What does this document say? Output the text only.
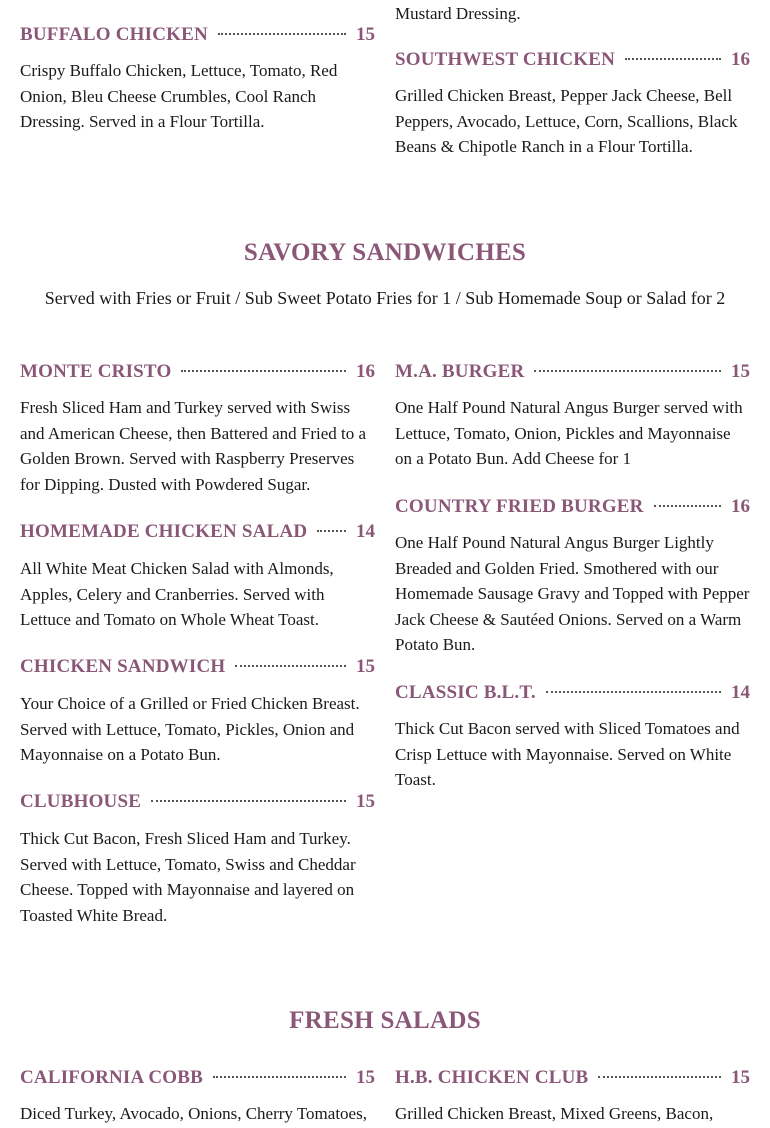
Mustard Dressing.
BUFFALO CHICKEN	15
Crispy Buffalo Chicken, Lettuce, Tomato, Red Onion, Bleu Cheese Crumbles, Cool Ranch Dressing. Served in a Flour Tortilla.
SOUTHWEST CHICKEN	16
Grilled Chicken Breast, Pepper Jack Cheese, Bell Peppers, Avocado, Lettuce, Corn, Scallions, Black Beans & Chipotle Ranch in a Flour Tortilla.
SAVORY SANDWICHES
Served with Fries or Fruit / Sub Sweet Potato Fries for 1 / Sub Homemade Soup or Salad for 2
MONTE CRISTO	16
Fresh Sliced Ham and Turkey served with Swiss and American Cheese, then Battered and Fried to a Golden Brown. Served with Raspberry Preserves for Dipping. Dusted with Powdered Sugar.
HOMEMADE CHICKEN SALAD	14
All White Meat Chicken Salad with Almonds, Apples, Celery and Cranberries. Served with Lettuce and Tomato on Whole Wheat Toast.
CHICKEN SANDWICH	15
Your Choice of a Grilled or Fried Chicken Breast. Served with Lettuce, Tomato, Pickles, Onion and Mayonnaise on a Potato Bun.
CLUBHOUSE	15
Thick Cut Bacon, Fresh Sliced Ham and Turkey. Served with Lettuce, Tomato, Swiss and Cheddar Cheese. Topped with Mayonnaise and layered on Toasted White Bread.
M.A. BURGER	15
One Half Pound Natural Angus Burger served with Lettuce, Tomato, Onion, Pickles and Mayonnaise on a Potato Bun. Add Cheese for 1
COUNTRY FRIED BURGER	16
One Half Pound Natural Angus Burger Lightly Breaded and Golden Fried. Smothered with our Homemade Sausage Gravy and Topped with Pepper Jack Cheese & Sautéed Onions. Served on a Warm Potato Bun.
CLASSIC B.L.T.	14
Thick Cut Bacon served with Sliced Tomatoes and Crisp Lettuce with Mayonnaise. Served on White Toast.
FRESH SALADS
CALIFORNIA COBB	15
Diced Turkey, Avocado, Onions, Cherry Tomatoes,
H.B. CHICKEN CLUB	15
Grilled Chicken Breast, Mixed Greens, Bacon,
